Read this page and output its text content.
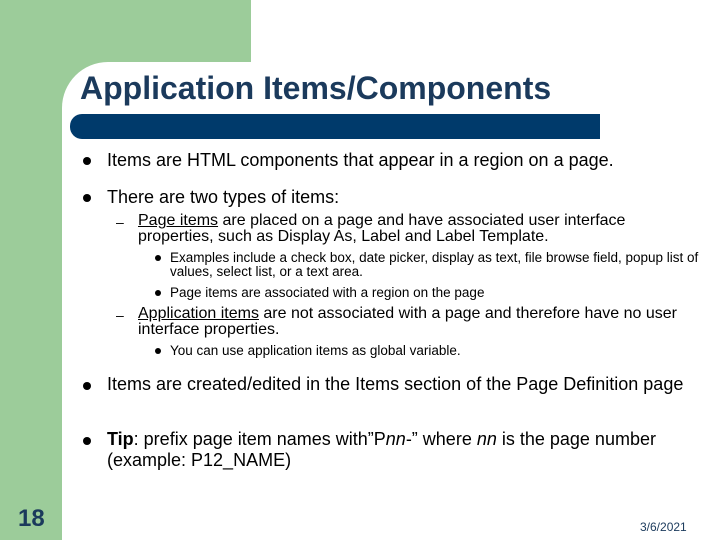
Application Items/Components

Items are HTML components that appear in a region on a page.

There are two types of items:

– Page items are placed on a page and have associated user interface properties, such as Display As, Label and Label Template.

Examples include a check box, date picker, display as text, file browse field, popup list of values, select list, or a text area.

Page items are associated with a region on the page

– Application items are not associated with a page and therefore have no user interface properties.

You can use application items as global variable.

Items are created/edited in the Items section of the Page Definition page

Tip: prefix page item names with”Pnn-” where nn is the page number (example: P12_NAME)

18	3/6/2021
